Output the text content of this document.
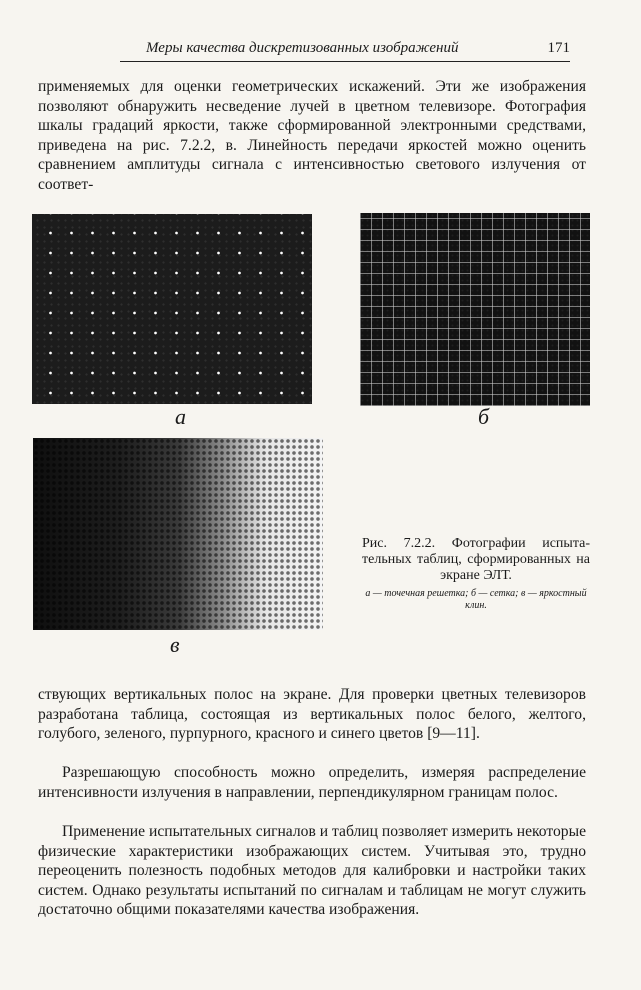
Меры качества дискретизованных изображений	171

применяемых для оценки геометрических искажений. Эти же изображения позволяют обнаружить несведение лучей в цветном телевизоре. Фотография шкалы градаций яркости, также сформированной электронными средствами, приведена на рис. 7.2.2, в. Линейность передачи яркостей можно оценить сравнением амплитуды сигнала с интенсивностью светового излучения от соответ-

а	б
в

Рис. 7.2.2. Фотографии испытательных таблиц, сформированных на экране ЭЛТ.

а — точечная решетка; б — сетка; в — яркостный клин.

ствующих вертикальных полос на экране. Для проверки цветных телевизоров разработана таблица, состоящая из вертикальных полос белого, желтого, голубого, зеленого, пурпурного, красного и синего цветов [9—11].

Разрешающую способность можно определить, измеряя распределение интенсивности излучения в направлении, перпендикулярном границам полос.

Применение испытательных сигналов и таблиц позволяет измерить некоторые физические характеристики изображающих систем. Учитывая это, трудно переоценить полезность подобных методов для калибровки и настройки таких систем. Однако результаты испытаний по сигналам и таблицам не могут служить достаточно общими показателями качества изображения.
